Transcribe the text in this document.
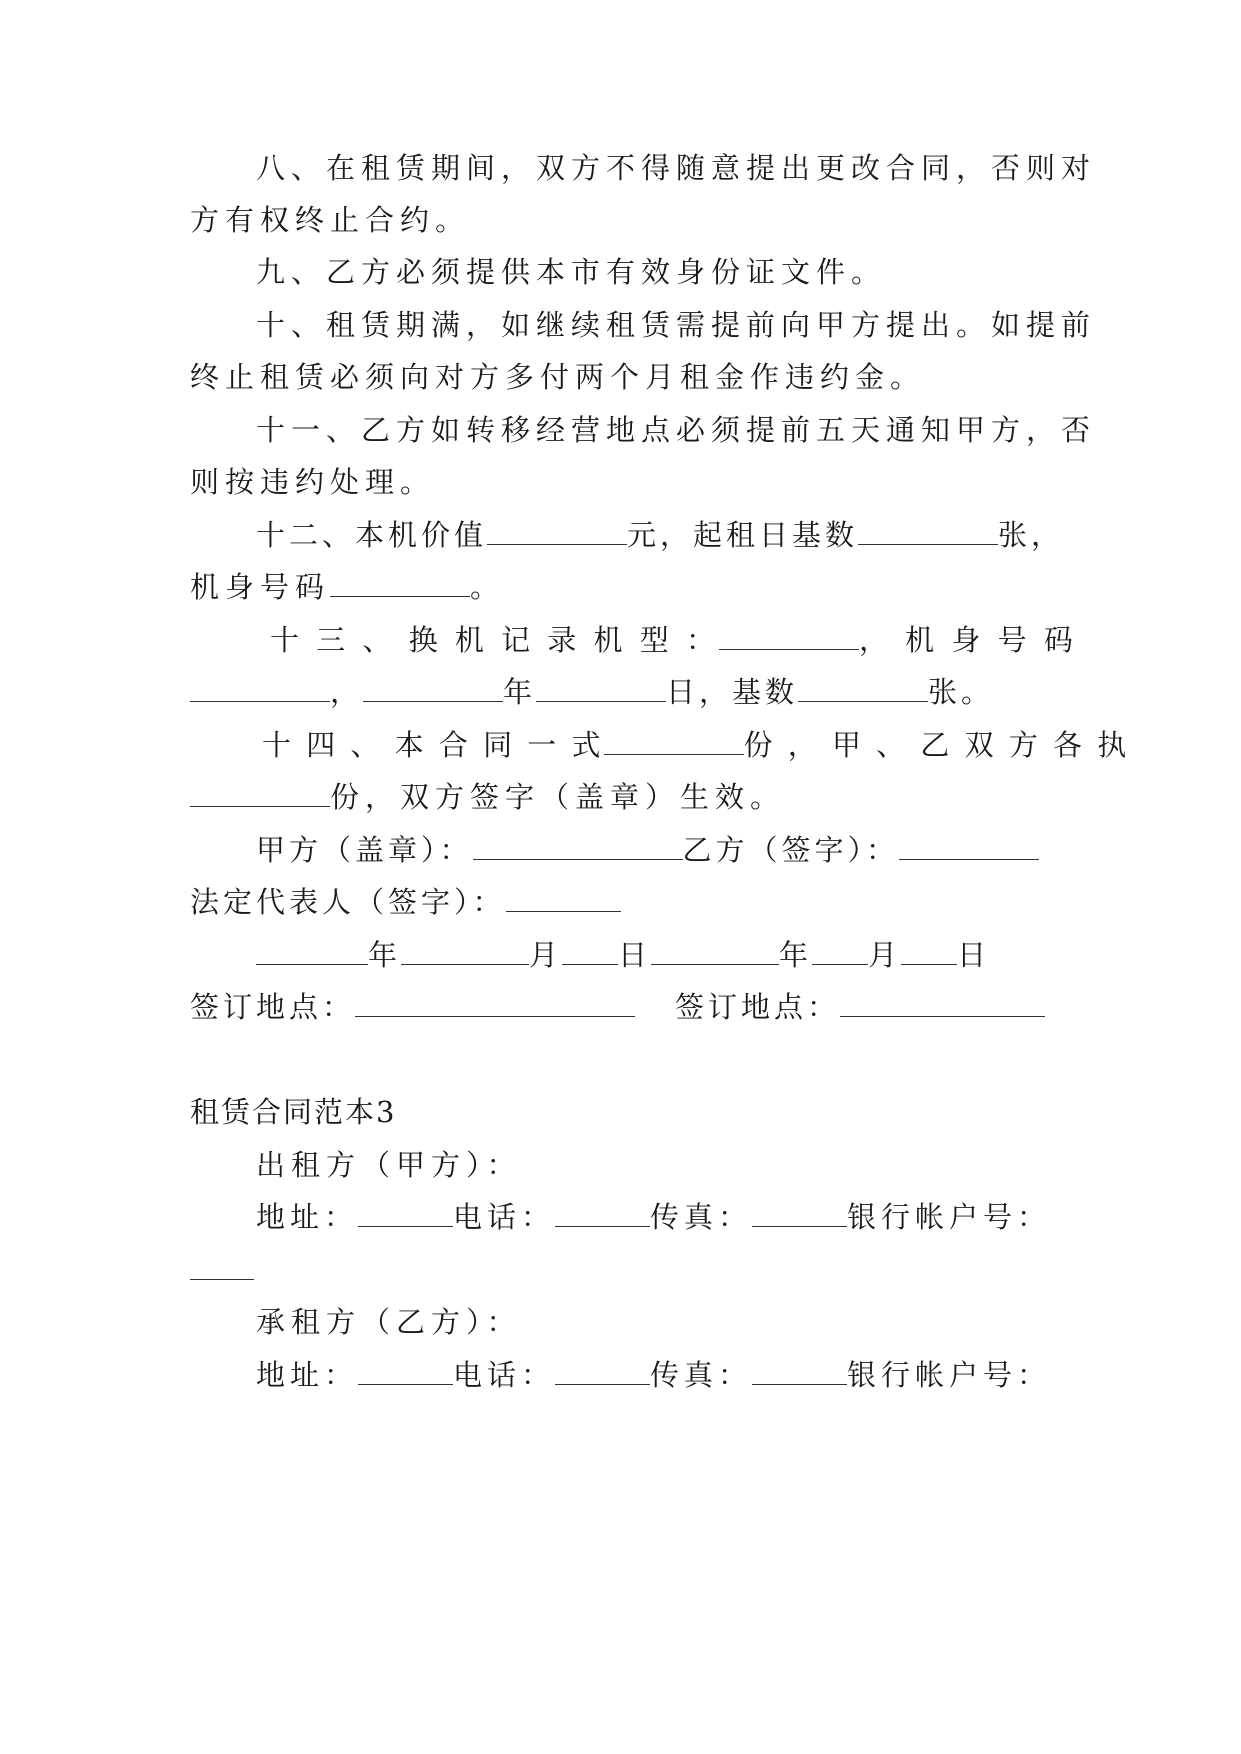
八、在租赁期间，双方不得随意提出更改合同，否则对
方有权终止合约。
九、乙方必须提供本市有效身份证文件。
十、租赁期满，如继续租赁需提前向甲方提出。如提前
终止租赁必须向对方多付两个月租金作违约金。
十一、乙方如转移经营地点必须提前五天通知甲方，否
则按违约处理。
十二、本机价值	元，起租日基数	张，
机身号码	。
十 三 、 换 机 记 录 机 型 ：	， 机 身 号 码
，	年	日，基数	张。
十 四 、 本 合 同 一 式	份 ， 甲 、 乙 双 方 各 执
份，双方签字（盖章）生效。
甲方（盖章）：	乙方（签字）：
法定代表人（签字）：
年	月 日	年 月 日
签订地点：	签订地点：
租赁合同范本3
出租方（甲方）：
地址：	电话：	传真：	银行帐户号：
承租方（乙方）：
地址：	电话：	传真：	银行帐户号：
